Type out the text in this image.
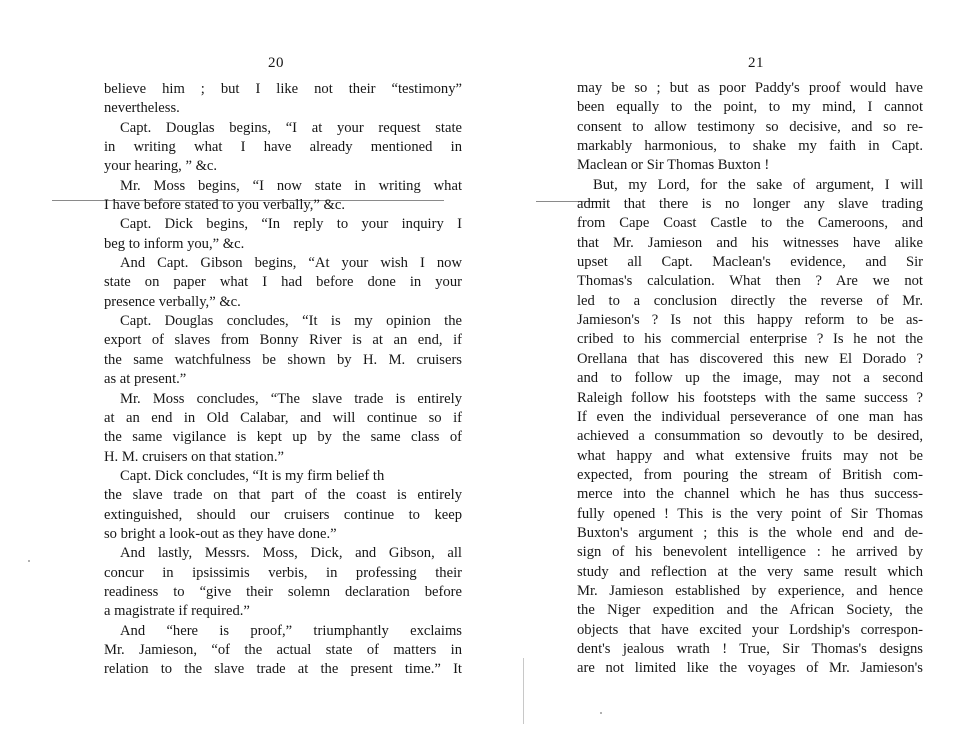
20
believe him ; but I like not their “testimony”
nevertheless.
Capt. Douglas begins, “I at your request state
in writing what I have already mentioned in
your hearing, ” &c.
Mr. Moss begins, “I now state in writing what
I have before stated to you verbally,” &c.
Capt. Dick begins, “In reply to your inquiry I
beg to inform you,” &c.
And Capt. Gibson begins, “At your wish I now
state on paper what I had before done in your
presence verbally,” &c.
Capt. Douglas concludes, “It is my opinion the
export of slaves from Bonny River is at an end, if
the same watchfulness be shown by H. M. cruisers
as at present.”
Mr. Moss concludes, “The slave trade is entirely
at an end in Old Calabar, and will continue so if
the same vigilance is kept up by the same class of
H. M. cruisers on that station.”
Capt. Dick concludes, “It is my firm belief th
the slave trade on that part of the coast is entirely
extinguished, should our cruisers continue to keep
so bright a look-out as they have done.”
And lastly, Messrs. Moss, Dick, and Gibson, all
concur in ipsissimis verbis, in professing their
readiness to “give their solemn declaration before
a magistrate if required.”
And “here is proof,” triumphantly exclaims
Mr. Jamieson, “of the actual state of matters in
relation to the slave trade at the present time.” It
21
may be so ; but as poor Paddy's proof would have
been equally to the point, to my mind, I cannot
consent to allow testimony so decisive, and so re-
markably harmonious, to shake my faith in Capt.
Maclean or Sir Thomas Buxton !
But, my Lord, for the sake of argument, I will
admit that there is no longer any slave trading
from Cape Coast Castle to the Cameroons, and
that Mr. Jamieson and his witnesses have alike
upset all Capt. Maclean's evidence, and Sir
Thomas's calculation. What then ? Are we not
led to a conclusion directly the reverse of Mr.
Jamieson's ? Is not this happy reform to be as-
cribed to his commercial enterprise ? Is he not the
Orellana that has discovered this new El Dorado ?
and to follow up the image, may not a second
Raleigh follow his footsteps with the same success ?
If even the individual perseverance of one man has
achieved a consummation so devoutly to be desired,
what happy and what extensive fruits may not be
expected, from pouring the stream of British com-
merce into the channel which he has thus success-
fully opened ! This is the very point of Sir Thomas
Buxton's argument ; this is the whole end and de-
sign of his benevolent intelligence : he arrived by
study and reflection at the very same result which
Mr. Jamieson established by experience, and hence
the Niger expedition and the African Society, the
objects that have excited your Lordship's correspon-
dent's jealous wrath ! True, Sir Thomas's designs
are not limited like the voyages of Mr. Jamieson's
